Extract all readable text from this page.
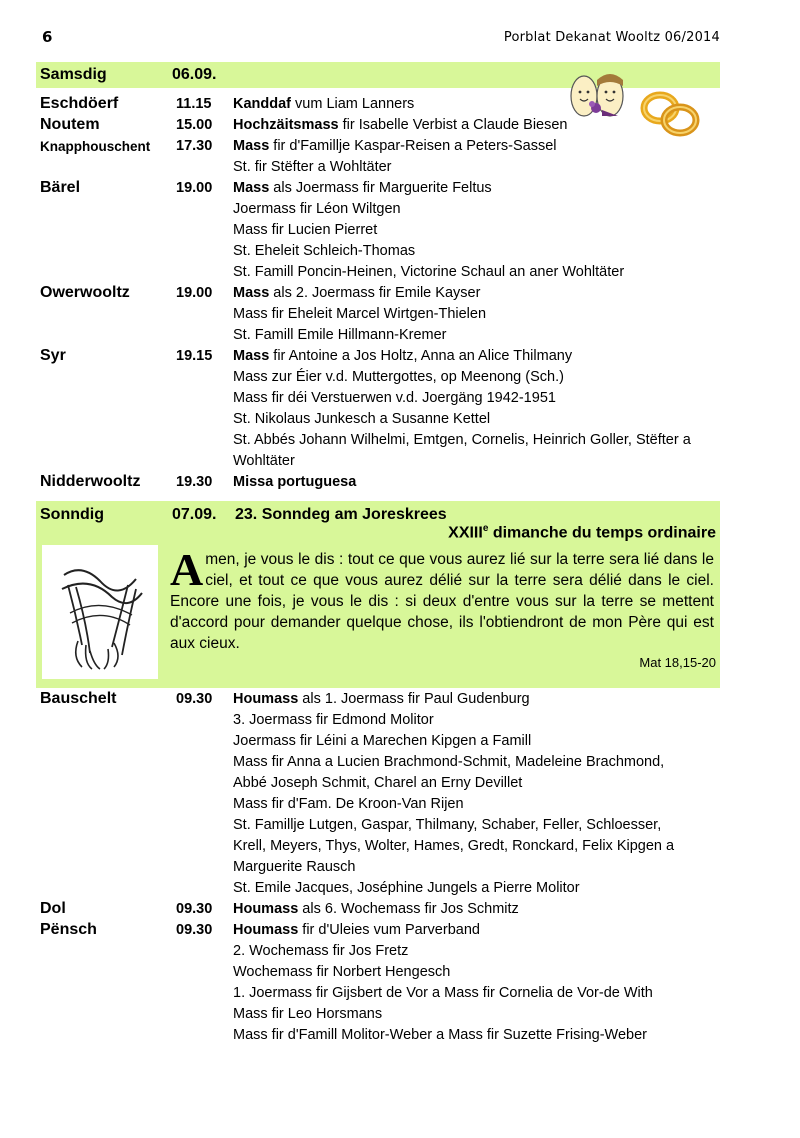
6	Porblat Dekanat Wooltz 06/2014
Samsdig	06.09.
Eschdöerf	11.15 Kanddaf vum Liam Lanners
Noutem	15.00 Hochzäitsmass fir Isabelle Verbist a Claude Biesen
Knapphouschent 17.30 Mass fir d'Famillje Kaspar-Reisen a Peters-Sassel
St. fir Stëfter a Wohltäter
Bärel	19.00 Mass als Joermass fir Marguerite Feltus
Joermass fir Léon Wiltgen
Mass fir Lucien Pierret
St. Eheleit Schleich-Thomas
St. Famill Poncin-Heinen, Victorine Schaul an aner Wohltäter
Owerwooltz	19.00 Mass als 2. Joermass fir Emile Kayser
Mass fir Eheleit Marcel Wirtgen-Thielen
St. Famill Emile Hillmann-Kremer
Syr	19.15 Mass fir Antoine a Jos Holtz, Anna an Alice Thilmany
Mass zur Éier v.d. Muttergottes, op Meenong (Sch.)
Mass fir déi Verstuerwen v.d. Joergäng 1942-1951
St. Nikolaus Junkesch a Susanne Kettel
St. Abbés Johann Wilhelmi, Emtgen, Cornelis, Heinrich Goller, Stëfter a
Wohltäter
Nidderwooltz 19.30 Missa portuguesa
Sonndig	07.09. 23. Sonndeg am Joreskrees
XXIIIe dimanche du temps ordinaire
Amen, je vous le dis : tout ce que vous aurez lié sur la terre sera lié dans le ciel, et tout ce que vous aurez délié sur la terre sera délié dans le ciel. Encore une fois, je vous le dis : si deux d'entre vous sur la terre se mettent d'accord pour demander quelque chose, ils l'obtiendront de mon Père qui est aux cieux.
Mat 18,15-20
Bauschelt	09.30 Houmass als 1. Joermass fir Paul Gudenburg
3. Joermass fir Edmond Molitor
Joermass fir Léini a Marechen Kipgen a Famill
Mass fir Anna a Lucien Brachmond-Schmit, Madeleine Brachmond,
Abbé Joseph Schmit, Charel an Erny Devillet
Mass fir d'Fam. De Kroon-Van Rijen
St. Famillje Lutgen, Gaspar, Thilmany, Schaber, Feller, Schloesser,
Krell, Meyers, Thys, Wolter, Hames, Gredt, Ronckard, Felix Kipgen a
Marguerite Rausch
St. Emile Jacques, Joséphine Jungels a Pierre Molitor
Dol	09.30 Houmass als 6. Wochemass fir Jos Schmitz
Pënsch	09.30 Houmass fir d'Uleies vum Parverband
2. Wochemass fir Jos Fretz
Wochemass fir Norbert Hengesch
1. Joermass fir Gijsbert de Vor a Mass fir Cornelia de Vor-de With
Mass fir Leo Horsmans
Mass fir d'Famill Molitor-Weber a Mass fir Suzette Frising-Weber
